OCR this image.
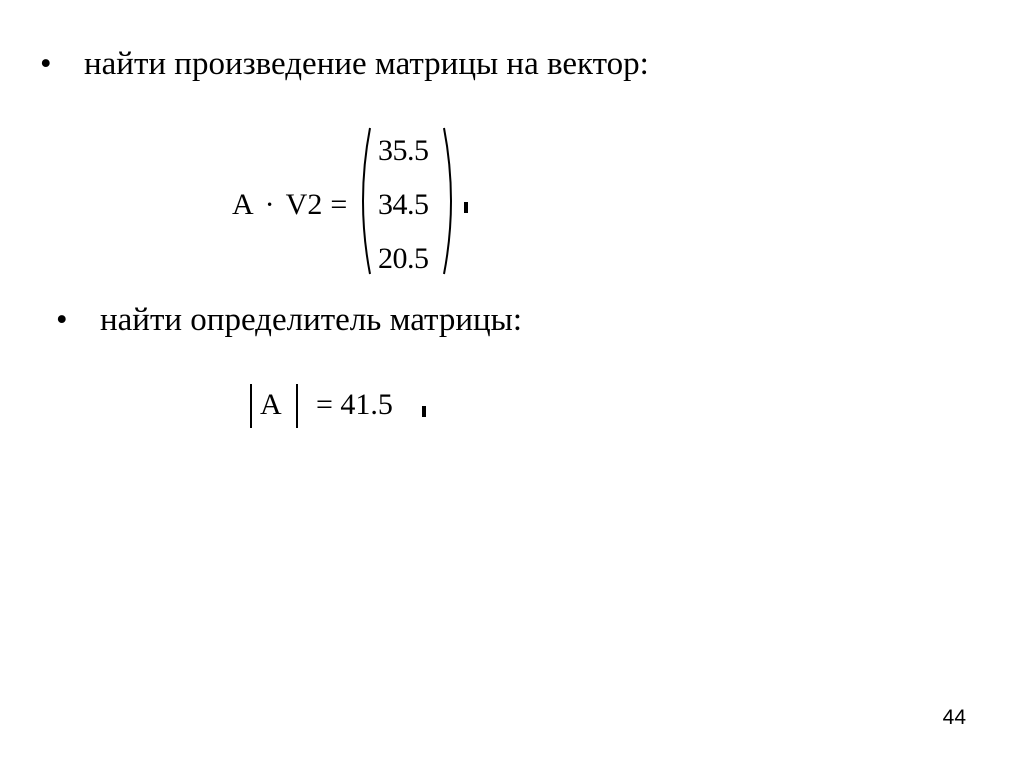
• найти произведение матрицы на вектор:
A · V2 =
35.5
34.5
20.5
• найти определитель матрицы:
A = 41.5
44
